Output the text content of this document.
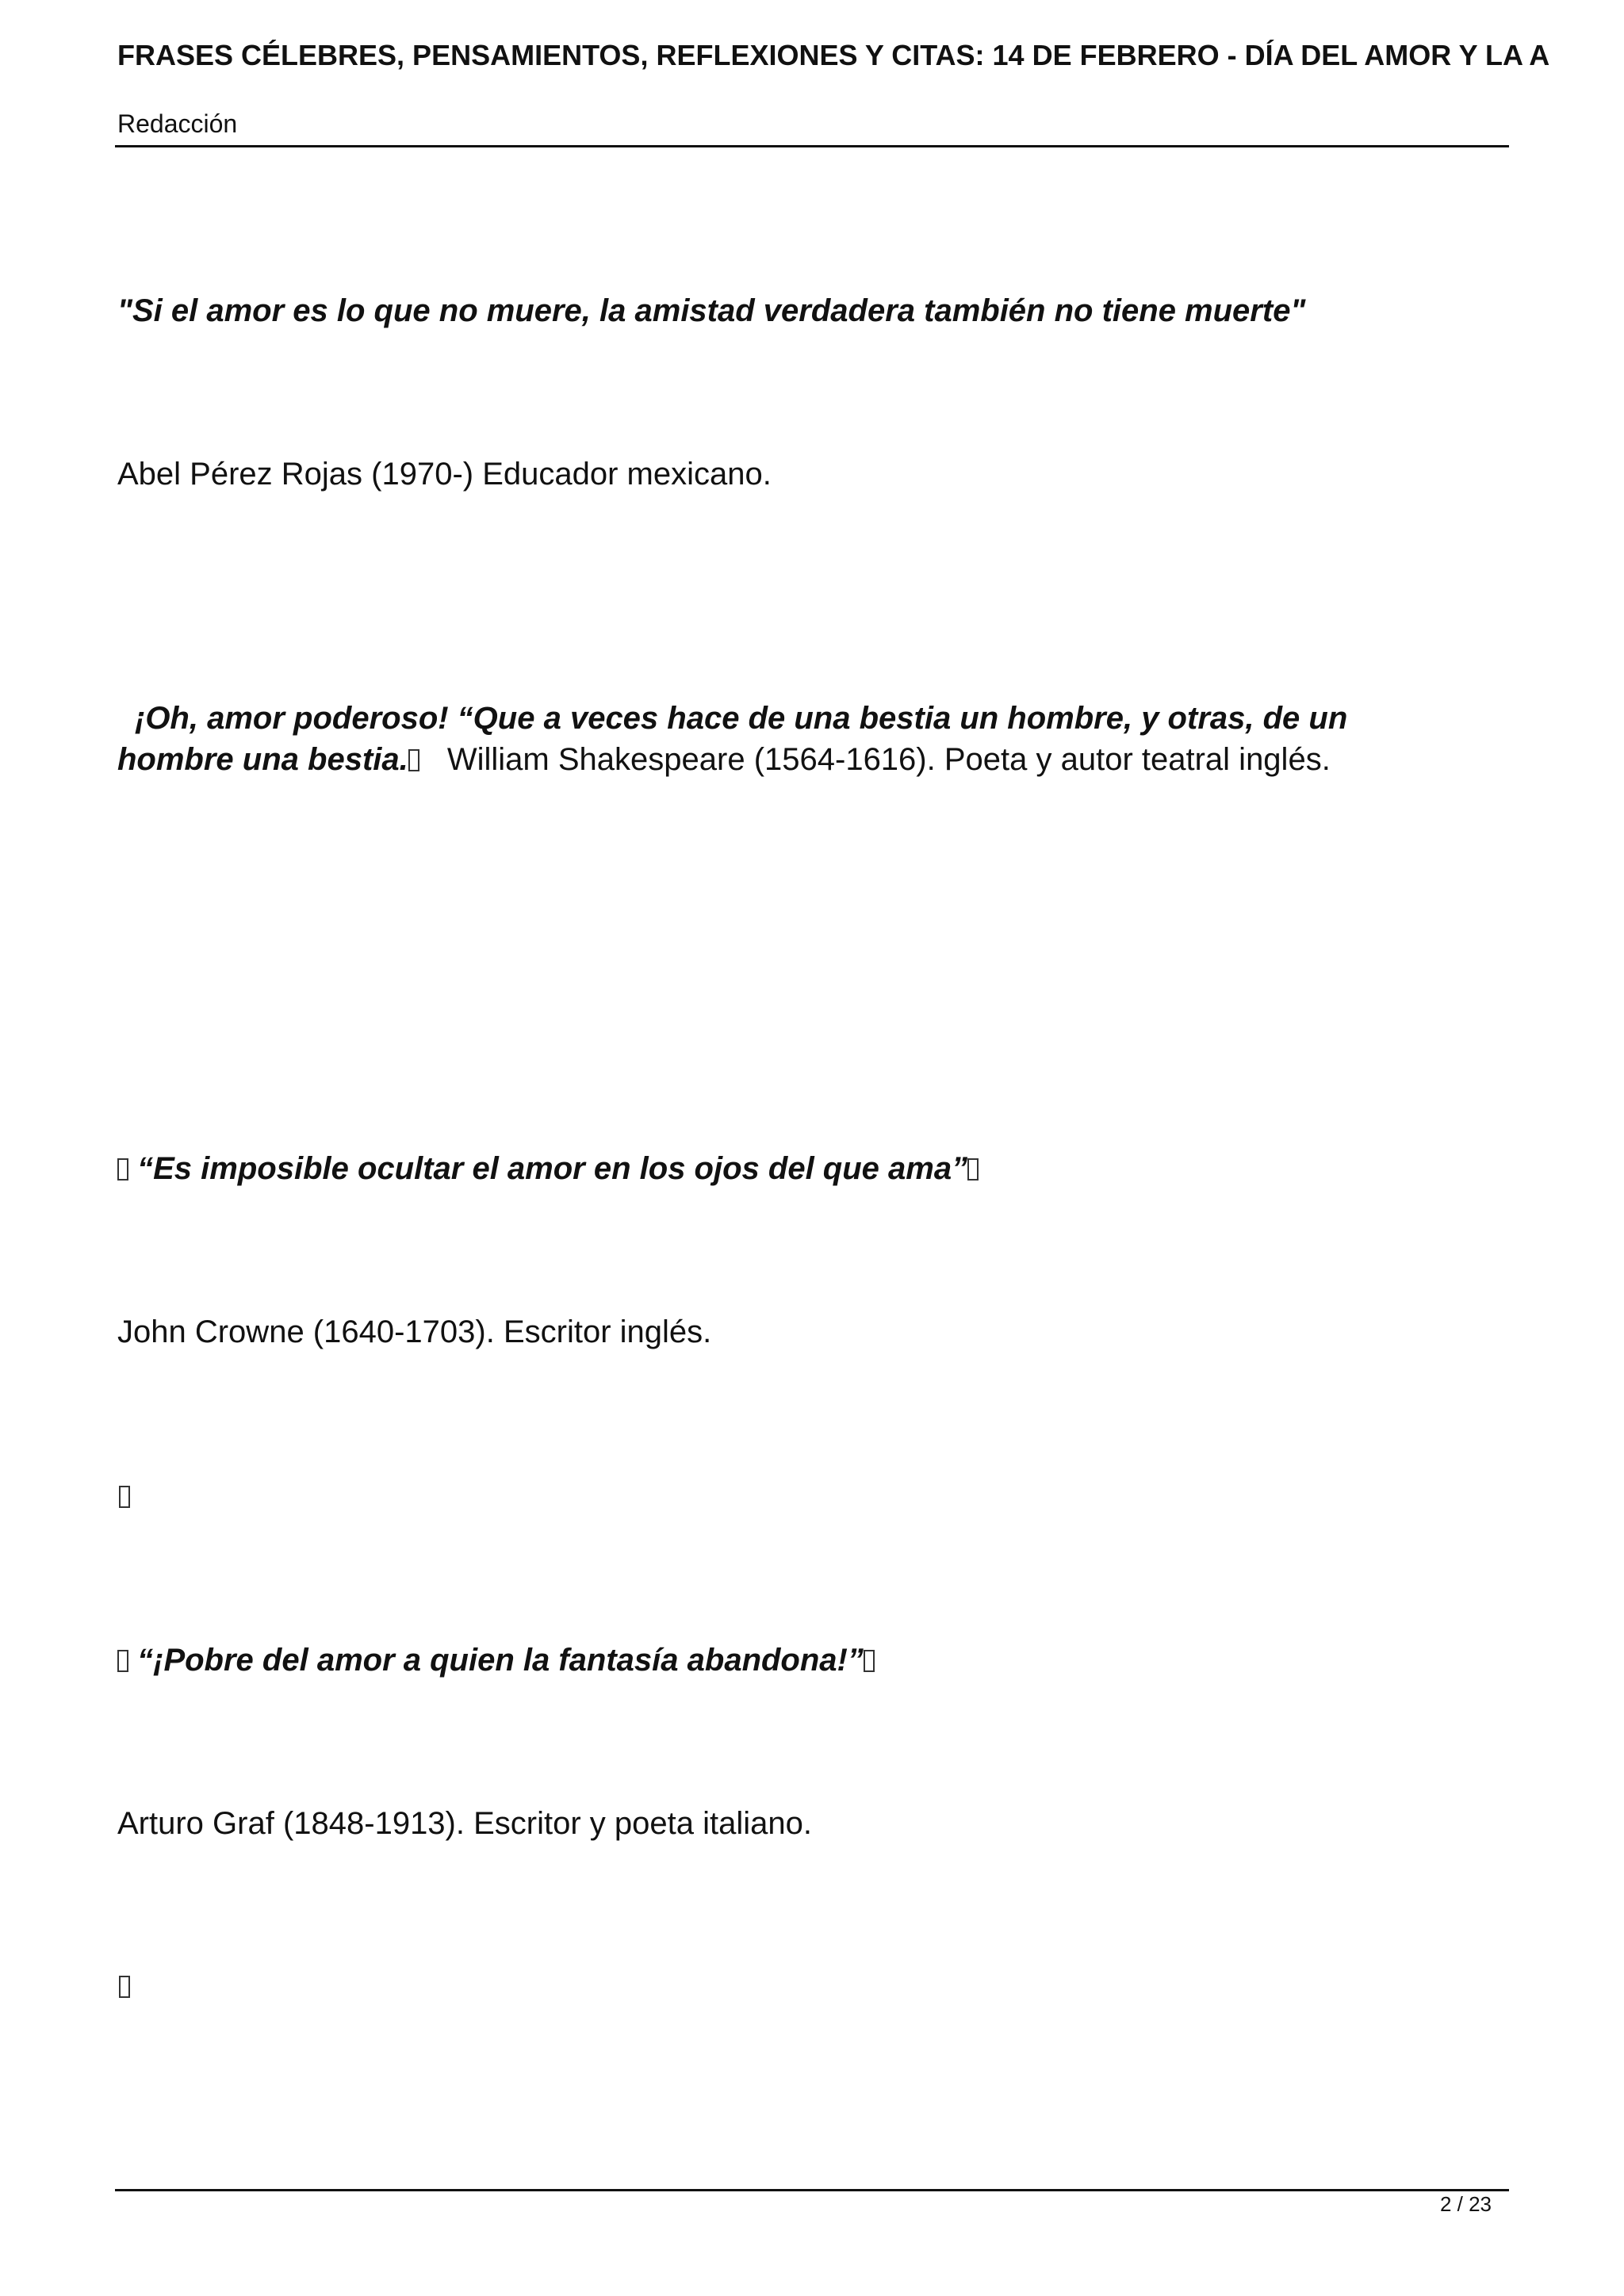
FRASES CÉLEBRES, PENSAMIENTOS, REFLEXIONES Y CITAS: 14 DE FEBRERO - DÍA DEL AMOR Y LA A
Redacción
"Si el amor es lo que no muere, la amistad verdadera también no tiene muerte"
Abel Pérez Rojas (1970-) Educador mexicano.
¡Oh, amor poderoso! “Que a veces hace de una bestia un hombre, y otras, de un
hombre una bestia. William Shakespeare (1564-1616). Poeta y autor teatral inglés.
“Es imposible ocultar el amor en los ojos del que ama”
John Crowne (1640-1703). Escritor inglés.
“¡Pobre del amor a quien la fantasía abandona!”
Arturo Graf (1848-1913). Escritor y poeta italiano.
2 / 23
